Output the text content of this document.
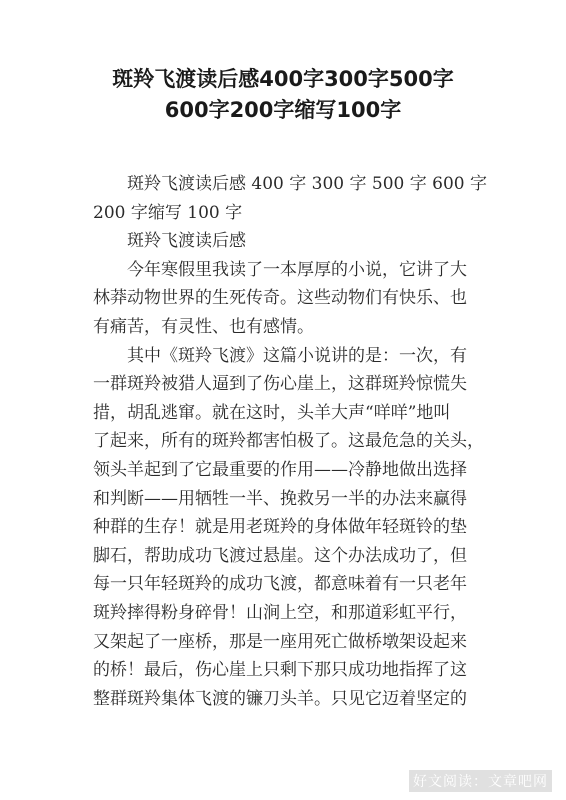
斑羚飞渡读后感400字300字500字
600字200字缩写100字

斑羚飞渡读后感 400 字 300 字 500 字 600 字

200 字缩写 100 字

斑羚飞渡读后感

今年寒假里我读了一本厚厚的小说，它讲了大
林莽动物世界的生死传奇。这些动物们有快乐、也
有痛苦，有灵性、也有感情。

其中《斑羚飞渡》这篇小说讲的是：一次，有
一群斑羚被猎人逼到了伤心崖上，这群斑羚惊慌失
措，胡乱逃窜。就在这时，头羊大声“咩咩”地叫
了起来，所有的斑羚都害怕极了。这最危急的关头，
领头羊起到了它最重要的作用——冷静地做出选择
和判断——用牺牲一半、挽救另一半的办法来赢得
种群的生存！就是用老斑羚的身体做年轻斑铃的垫
脚石，帮助成功飞渡过悬崖。这个办法成功了，但
每一只年轻斑羚的成功飞渡，都意味着有一只老年
斑羚摔得粉身碎骨！山涧上空，和那道彩虹平行，
又架起了一座桥，那是一座用死亡做桥墩架设起来
的桥！最后，伤心崖上只剩下那只成功地指挥了这
整群斑羚集体飞渡的镰刀头羊。只见它迈着坚定的

好文阅读：文章吧网
